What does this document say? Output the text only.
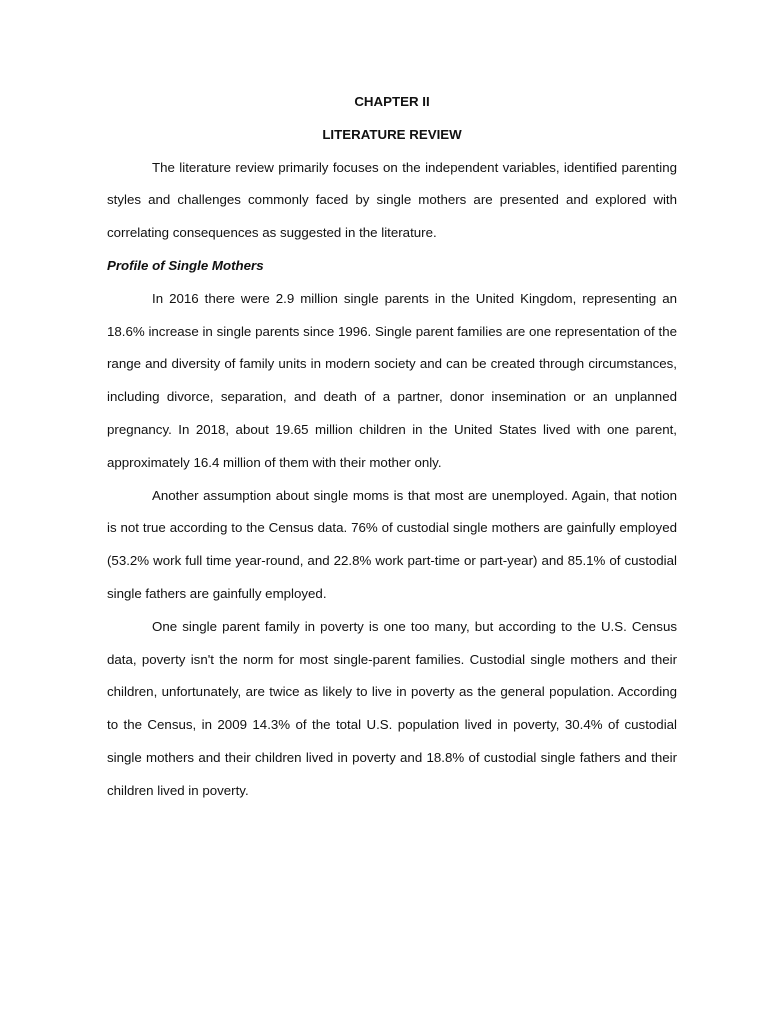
CHAPTER II

LITERATURE REVIEW

The literature review primarily focuses on the independent variables, identified parenting styles and challenges commonly faced by single mothers are presented and explored with correlating consequences as suggested in the literature.

Profile of Single Mothers

In 2016 there were 2.9 million single parents in the United Kingdom, representing an 18.6% increase in single parents since 1996. Single parent families are one representation of the range and diversity of family units in modern society and can be created through circumstances, including divorce, separation, and death of a partner, donor insemination or an unplanned pregnancy. In 2018, about 19.65 million children in the United States lived with one parent, approximately 16.4 million of them with their mother only.

Another assumption about single moms is that most are unemployed. Again, that notion is not true according to the Census data. 76% of custodial single mothers are gainfully employed (53.2% work full time year-round, and 22.8% work part-time or part-year) and 85.1% of custodial single fathers are gainfully employed.

One single parent family in poverty is one too many, but according to the U.S. Census data, poverty isn't the norm for most single-parent families. Custodial single mothers and their children, unfortunately, are twice as likely to live in poverty as the general population. According to the Census, in 2009 14.3% of the total U.S. population lived in poverty, 30.4% of custodial single mothers and their children lived in poverty and 18.8% of custodial single fathers and their children lived in poverty.
